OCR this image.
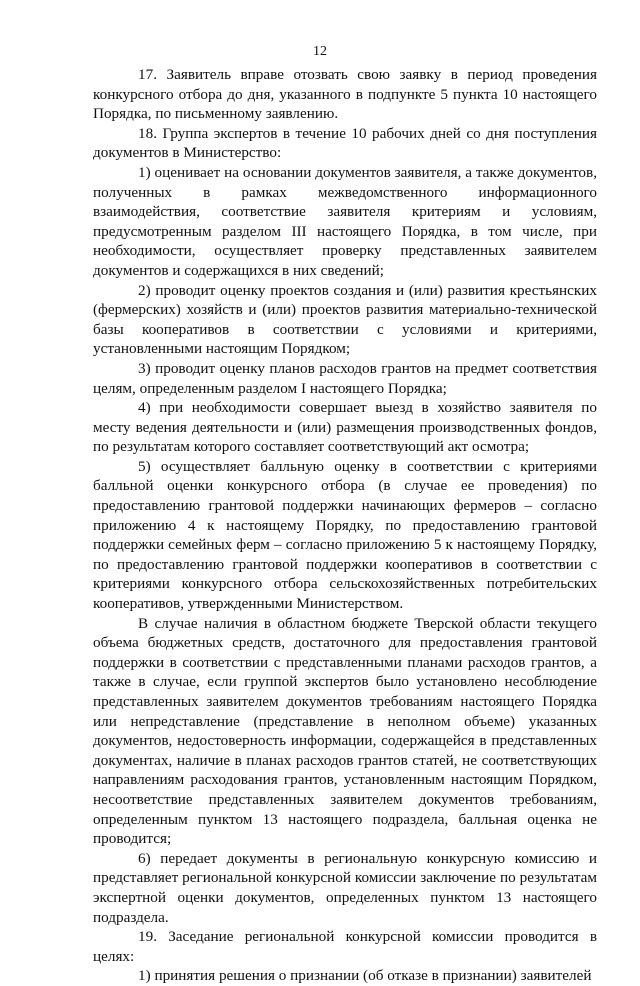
12

17. Заявитель вправе отозвать свою заявку в период проведения конкурсного отбора до дня, указанного в подпункте 5 пункта 10 настоящего Порядка, по письменному заявлению.

18. Группа экспертов в течение 10 рабочих дней со дня поступления документов в Министерство:

1) оценивает на основании документов заявителя, а также документов, полученных в рамках межведомственного информационного взаимодействия, соответствие заявителя критериям и условиям, предусмотренным разделом III настоящего Порядка, в том числе, при необходимости, осуществляет проверку представленных заявителем документов и содержащихся в них сведений;

2) проводит оценку проектов создания и (или) развития крестьянских (фермерских) хозяйств и (или) проектов развития материально-технической базы кооперативов в соответствии с условиями и критериями, установленными настоящим Порядком;

3) проводит оценку планов расходов грантов на предмет соответствия целям, определенным разделом I настоящего Порядка;

4) при необходимости совершает выезд в хозяйство заявителя по месту ведения деятельности и (или) размещения производственных фондов, по результатам которого составляет соответствующий акт осмотра;

5) осуществляет балльную оценку в соответствии с критериями балльной оценки конкурсного отбора (в случае ее проведения) по предоставлению грантовой поддержки начинающих фермеров – согласно приложению 4 к настоящему Порядку, по предоставлению грантовой поддержки семейных ферм – согласно приложению 5 к настоящему Порядку, по предоставлению грантовой поддержки кооперативов в соответствии с критериями конкурсного отбора сельскохозяйственных потребительских кооперативов, утвержденными Министерством.

В случае наличия в областном бюджете Тверской области текущего объема бюджетных средств, достаточного для предоставления грантовой поддержки в соответствии с представленными планами расходов грантов, а также в случае, если группой экспертов было установлено несоблюдение представленных заявителем документов требованиям настоящего Порядка или непредставление (представление в неполном объеме) указанных документов, недостоверность информации, содержащейся в представленных документах, наличие в планах расходов грантов статей, не соответствующих направлениям расходования грантов, установленным настоящим Порядком, несоответствие представленных заявителем документов требованиям, определенным пунктом 13 настоящего подраздела, балльная оценка не проводится;

6) передает документы в региональную конкурсную комиссию и представляет региональной конкурсной комиссии заключение по результатам экспертной оценки документов, определенных пунктом 13 настоящего подраздела.

19. Заседание региональной конкурсной комиссии проводится в целях:

1) принятия решения о признании (об отказе в признании) заявителей
